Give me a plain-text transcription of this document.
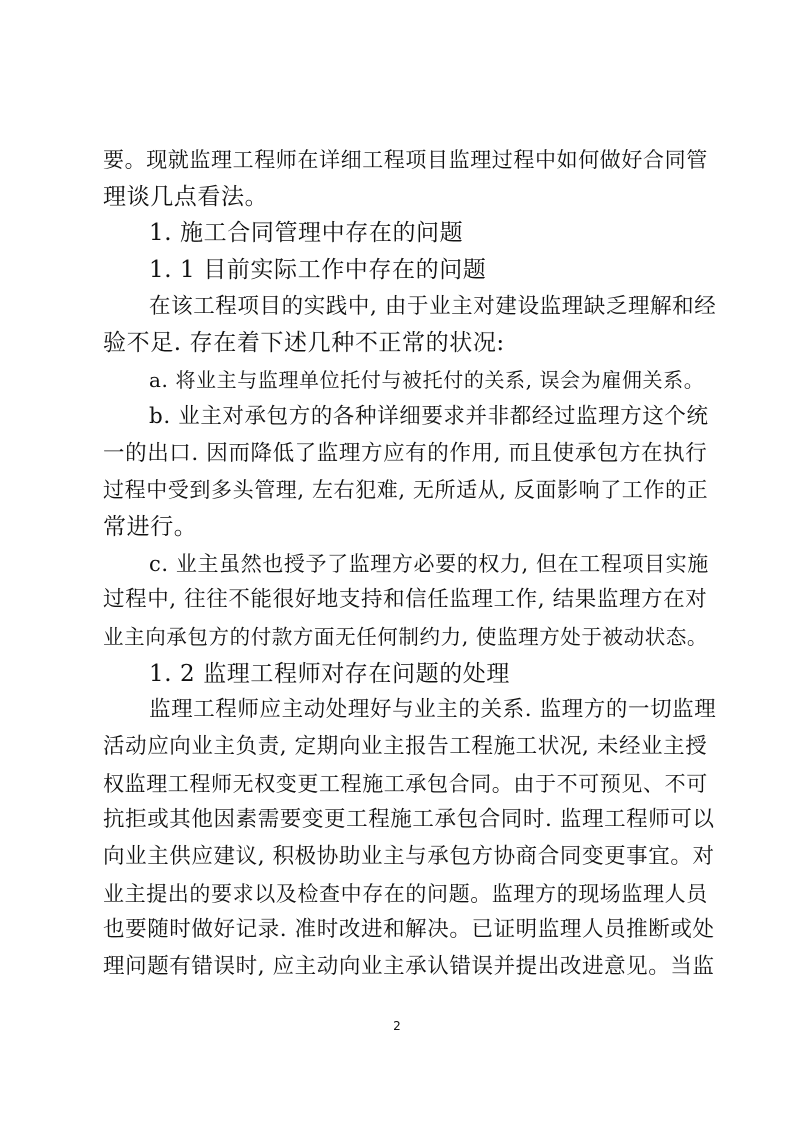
要。现就监理工程师在详细工程项目监理过程中如何做好合同管
理谈几点看法。
1. 施工合同管理中存在的问题
1. 1 目前实际工作中存在的问题
在该工程项目的实践中, 由于业主对建设监理缺乏理解和经
验不足. 存在着下述几种不正常的状况:
a. 将业主与监理单位托付与被托付的关系, 误会为雇佣关系。
b. 业主对承包方的各种详细要求并非都经过监理方这个统
一的出口. 因而降低了监理方应有的作用, 而且使承包方在执行
过程中受到多头管理, 左右犯难, 无所适从, 反面影响了工作的正
常进行。
c. 业主虽然也授予了监理方必要的权力, 但在工程项目实施
过程中, 往往不能很好地支持和信任监理工作, 结果监理方在对
业主向承包方的付款方面无任何制约力, 使监理方处于被动状态。
1. 2 监理工程师对存在问题的处理
监理工程师应主动处理好与业主的关系. 监理方的一切监理
活动应向业主负责, 定期向业主报告工程施工状况, 未经业主授
权监理工程师无权变更工程施工承包合同。由于不可预见、不可
抗拒或其他因素需要变更工程施工承包合同时. 监理工程师可以
向业主供应建议, 积极协助业主与承包方协商合同变更事宜。对
业主提出的要求以及检查中存在的问题。监理方的现场监理人员
也要随时做好记录. 准时改进和解决。已证明监理人员推断或处
理问题有错误时, 应主动向业主承认错误并提出改进意见。当监
2
